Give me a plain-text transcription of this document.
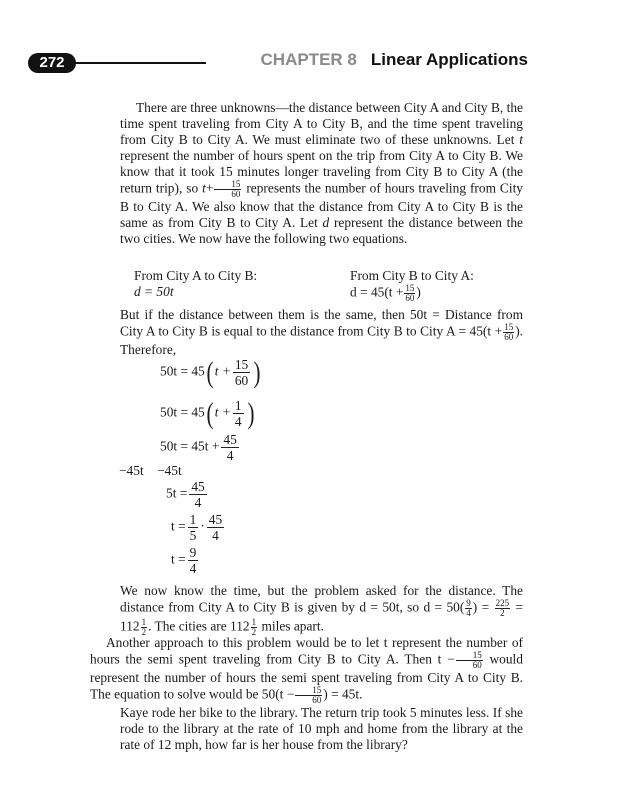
272	CHAPTER 8 Linear Applications
There are three unknowns—the distance between City A and City B, the time spent traveling from City A to City B, and the time spent traveling from City B to City A. We must eliminate two of these unknowns. Let t represent the number of hours spent on the trip from City A to City B. We know that it took 15 minutes longer traveling from City B to City A (the return trip), so $t+ \frac{15}{60}$ represents the number of hours traveling from City B to City A. We also know that the distance from City A to City B is the same as from City B to City A. Let d represent the distance between the two cities. We now have the following two equations.
From City A to City B:
d = 50t
From City B to City A:
$d = 45(t + \frac{15}{60}$ )
But if the distance between them is the same, then 50t = Distance from City A to City B is equal to the distance from City B to City $A = 45(t + \frac{15}{60}$ ). Therefore,
50t = 45( $t + \frac{15}{60}$ )
50t = 45( $t + \frac{1}{4}$ )
$50t = 45t + \frac{45}{4}$
−45t −45t
$5t = \frac{45}{4}$
$t = \frac{1}{5} \cdot \frac{45}{4}$
$t = \frac{9}{4}$
We now know the time, but the problem asked for the distance. The distance from City A to City B is given by d = 50t, so $d = 50( \frac{9}{4}$ ) = $\frac{225}{2} = 112 \frac{1}{2}$ . The cities are $112 \frac{1}{2}$ miles apart.
Another approach to this problem would be to let t represent the number of hours the semi spent traveling from City B to City A. Then $t - \frac{15}{60}$ would represent the number of hours the semi spent traveling from City A to City B. The equation to solve would be $50(t - \frac{15}{60}$ ) = 45t.
Kaye rode her bike to the library. The return trip took 5 minutes less. If she rode to the library at the rate of 10 mph and home from the library at the rate of 12 mph, how far is her house from the library?
